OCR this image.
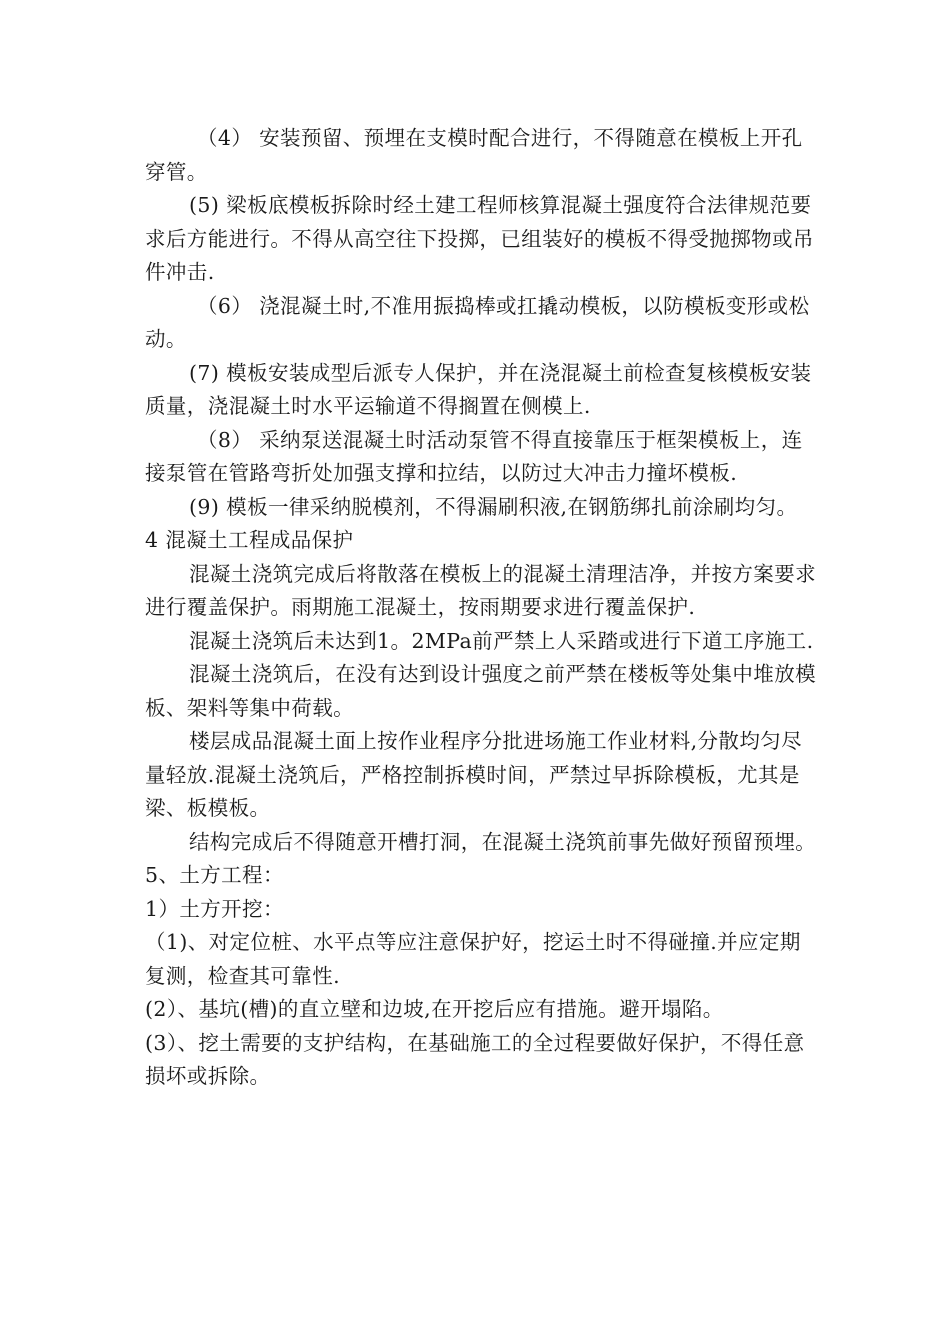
（4） 安装预留、预埋在支模时配合进行，不得随意在模板上开孔穿管。

(5) 梁板底模板拆除时经土建工程师核算混凝土强度符合法律规范要求后方能进行。不得从高空往下投掷，已组装好的模板不得受抛掷物或吊件冲击.

（6） 浇混凝土时,不准用振捣棒或扛撬动模板，以防模板变形或松动。

(7) 模板安装成型后派专人保护，并在浇混凝土前检查复核模板安装质量，浇混凝土时水平运输道不得搁置在侧模上.

（8） 采纳泵送混凝土时活动泵管不得直接靠压于框架模板上，连接泵管在管路弯折处加强支撑和拉结，以防过大冲击力撞坏模板.

(9) 模板一律采纳脱模剂，不得漏刷积液,在钢筋绑扎前涂刷均匀。

4 混凝土工程成品保护

混凝土浇筑完成后将散落在模板上的混凝土清理洁净，并按方案要求进行覆盖保护。雨期施工混凝土，按雨期要求进行覆盖保护.

混凝土浇筑后未达到1。2MPa前严禁上人采踏或进行下道工序施工.

混凝土浇筑后，在没有达到设计强度之前严禁在楼板等处集中堆放模板、架料等集中荷载。

楼层成品混凝土面上按作业程序分批进场施工作业材料,分散均匀尽量轻放.混凝土浇筑后，严格控制拆模时间，严禁过早拆除模板，尤其是梁、板模板。

结构完成后不得随意开槽打洞，在混凝土浇筑前事先做好预留预埋。

5、土方工程：

1）土方开挖：

（1)、对定位桩、水平点等应注意保护好，挖运土时不得碰撞.并应定期复测，检查其可靠性.

(2）、基坑(槽)的直立壁和边坡,在开挖后应有措施。避开塌陷。

(3）、挖土需要的支护结构，在基础施工的全过程要做好保护，不得任意损坏或拆除。
